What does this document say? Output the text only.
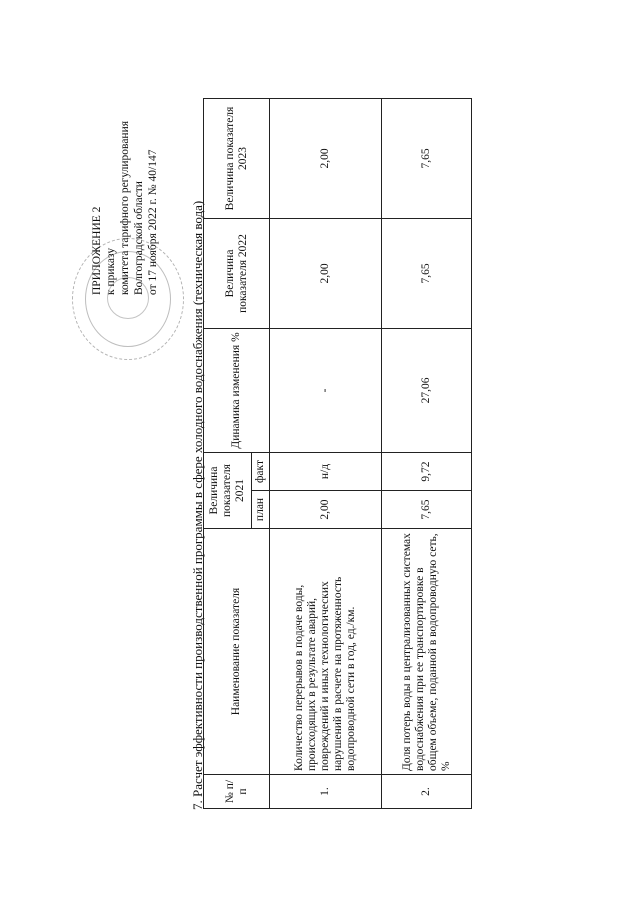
ПРИЛОЖЕНИЕ 2 к приказу комитета тарифного регулирования Волгоградской области от 17 ноября 2022 г. № 40/147 7. Расчет эффективности производственной программы в сфере холодного водоснабжения (техническая вода) № п/п	Наименование показателя	Величина показателя 2021		Динамика изменения %	Величина показателя 2022	Величина показателя 2023
		план	факт			
1.	Количество перерывов в подаче воды, происходящих в результате аварий, повреждений и иных технологических нарушений в расчете на протяженность водопроводной сети в год, ед./км.	2,00	н/д	-	2,00	2,00
2.	Доля потерь воды в централизованных системах водоснабжения при ее транспортировке в общем объеме, поданной в водопроводную сеть, %	7,65	9,72	27,06	7,65	7,65
